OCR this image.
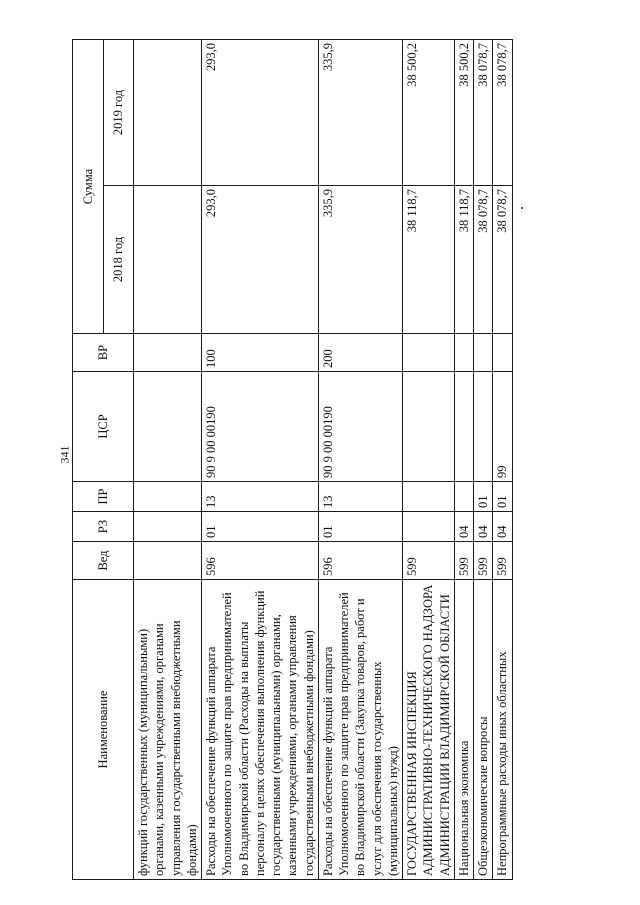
341
Наименование	Вед	РЗ	ПР	ЦСР	ВР	Сумма	
						2018 год	2019 год
функций государственных (муниципальными) органами, казенными учреждениями, органами управления государственными внебюджетными фондами)							
Расходы на обеспечение функций аппарата Уполномоченного по защите прав предпринимателей во Владимирской области (Расходы на выплаты персоналу в целях обеспечения выполнения функций государственными (муниципальными) органами, казенными учреждениями, органами управления государственными внебюджетными фондами)	596	01	13	90 9 00 00190	100	293,0	293,0
Расходы на обеспечение функций аппарата Уполномоченного по защите прав предпринимателей во Владимирской области (Закупка товаров, работ и услуг для обеспечения государственных (муниципальных) нужд)	596	01	13	90 9 00 00190	200	335,9	335,9
ГОСУДАРСТВЕННАЯ ИНСПЕКЦИЯ АДМИНИСТРАТИВНО-ТЕХНИЧЕСКОГО НАДЗОРА АДМИНИСТРАЦИИ ВЛАДИМИРСКОЙ ОБЛАСТИ	599					38 118,7	38 500,2
Национальная экономика	599	04				38 118,7	38 500,2
Общеэкономические вопросы	599	04	01			38 078,7	38 078,7
Непрограммные расходы иных областных	599	04	01	99		38 078,7	38 078,7
